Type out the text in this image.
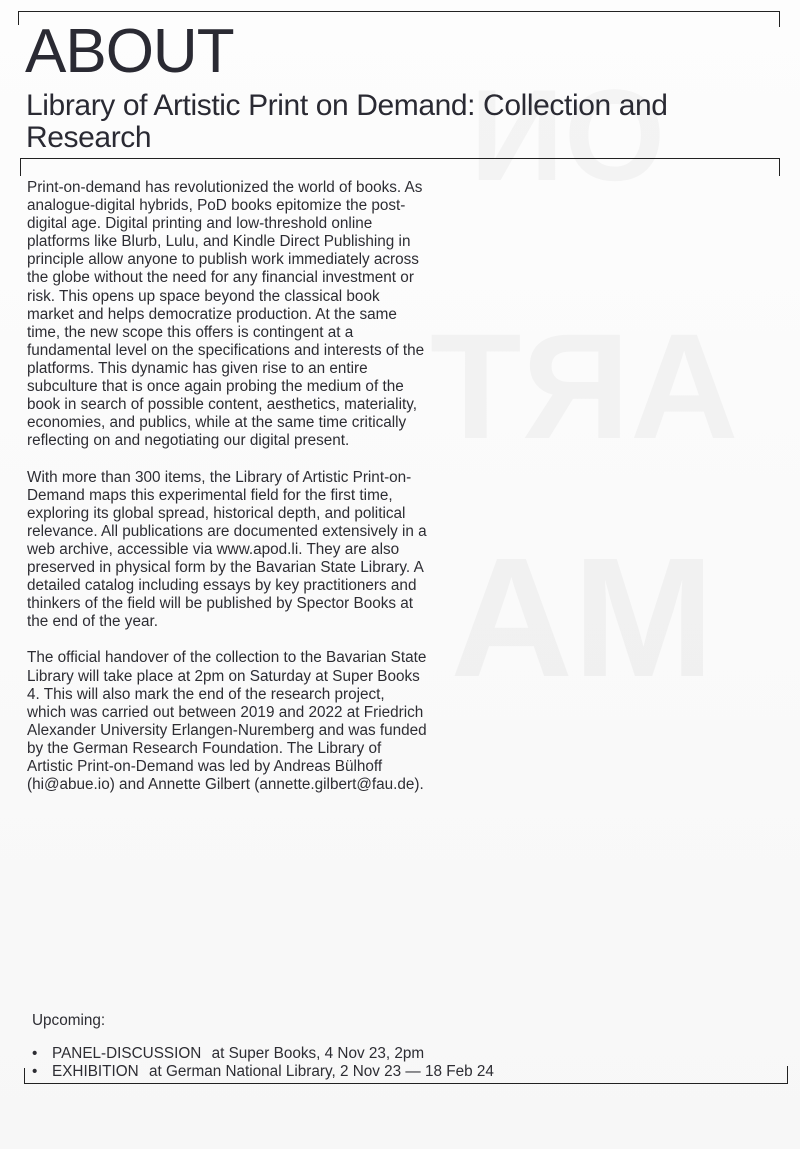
ABOUT
Library of Artistic Print on Demand: Collection and Research

Print-on-demand has revolutionized the world of books. As analogue-digital hybrids, PoD books epitomize the post-digital age. Digital printing and low-threshold online platforms like Blurb, Lulu, and Kindle Direct Publishing in principle allow anyone to publish work immediately across the globe without the need for any financial investment or risk. This opens up space beyond the classical book market and helps democratize production. At the same time, the new scope this offers is contingent at a fundamental level on the specifications and interests of the platforms. This dynamic has given rise to an entire subculture that is once again probing the medium of the book in search of possible content, aesthetics, materiality, economies, and publics, while at the same time critically reflecting on and negotiating our digital present.

With more than 300 items, the Library of Artistic Print-on-Demand maps this experimental field for the first time, exploring its global spread, historical depth, and political relevance. All publications are documented extensively in a web archive, accessible via www.apod.li. They are also preserved in physical form by the Bavarian State Library. A detailed catalog including essays by key practitioners and thinkers of the field will be published by Spector Books at the end of the year.

The official handover of the collection to the Bavarian State Library will take place at 2pm on Saturday at Super Books 4. This will also mark the end of the research project, which was carried out between 2019 and 2022 at Friedrich Alexander University Erlangen-Nuremberg and was funded by the German Research Foundation. The Library of Artistic Print-on-Demand was led by Andreas Bülhoff (hi@abue.io) and Annette Gilbert (annette.gilbert@fau.de).

Upcoming:
• PANEL-DISCUSSION at Super Books, 4 Nov 23, 2pm
• EXHIBITION at German National Library, 2 Nov 23 — 18 Feb 24
